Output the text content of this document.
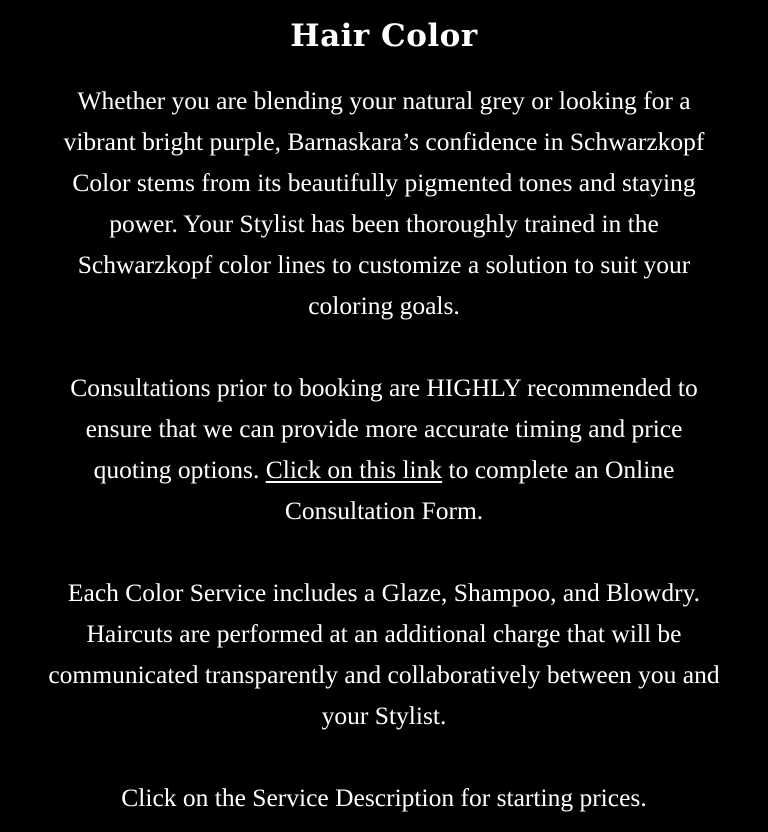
Hair Color

Whether you are blending your natural grey or looking for a vibrant bright purple, Barnaskara’s confidence in Schwarzkopf Color stems from its beautifully pigmented tones and staying power. Your Stylist has been thoroughly trained in the Schwarzkopf color lines to customize a solution to suit your coloring goals.

Consultations prior to booking are HIGHLY recommended to ensure that we can provide more accurate timing and price quoting options. Click on this link to complete an Online Consultation Form.

Each Color Service includes a Glaze, Shampoo, and Blowdry. Haircuts are performed at an additional charge that will be communicated transparently and collaboratively between you and your Stylist.

Click on the Service Description for starting prices.
